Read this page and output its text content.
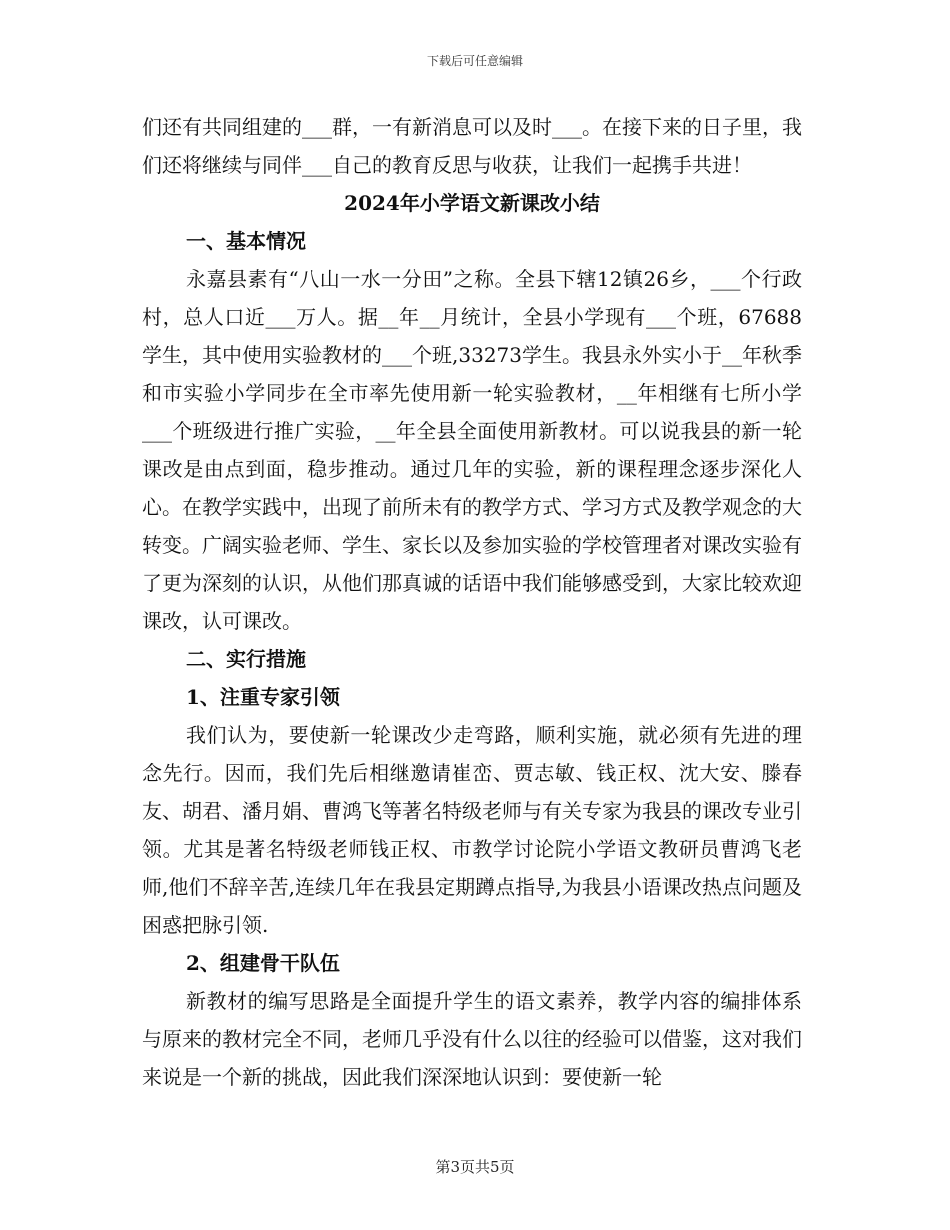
下载后可任意编辑

们还有共同组建的___群，一有新消息可以及时___。在接下来的日子里，我们还将继续与同伴___自己的教育反思与收获，让我们一起携手共进！

2024年小学语文新课改小结

一、基本情况

永嘉县素有“八山一水一分田”之称。全县下辖12镇26乡，___个行政村，总人口近___万人。据__年__月统计，全县小学现有___个班，67688学生，其中使用实验教材的___个班,33273学生。我县永外实小于__年秋季和市实验小学同步在全市率先使用新一轮实验教材，__年相继有七所小学___个班级进行推广实验，__年全县全面使用新教材。可以说我县的新一轮课改是由点到面，稳步推动。通过几年的实验，新的课程理念逐步深化人心。在教学实践中，出现了前所未有的教学方式、学习方式及教学观念的大转变。广阔实验老师、学生、家长以及参加实验的学校管理者对课改实验有了更为深刻的认识，从他们那真诚的话语中我们能够感受到，大家比较欢迎课改，认可课改。

二、实行措施

1、注重专家引领

我们认为，要使新一轮课改少走弯路，顺利实施，就必须有先进的理念先行。因而，我们先后相继邀请崔峦、贾志敏、钱正权、沈大安、滕春友、胡君、潘月娟、曹鸿飞等著名特级老师与有关专家为我县的课改专业引领。尤其是著名特级老师钱正权、市教学讨论院小学语文教研员曹鸿飞老师,他们不辞辛苦,连续几年在我县定期蹲点指导,为我县小语课改热点问题及困惑把脉引领.

2、组建骨干队伍

新教材的编写思路是全面提升学生的语文素养，教学内容的编排体系与原来的教材完全不同，老师几乎没有什么以往的经验可以借鉴，这对我们来说是一个新的挑战，因此我们深深地认识到：要使新一轮

第3页共5页
